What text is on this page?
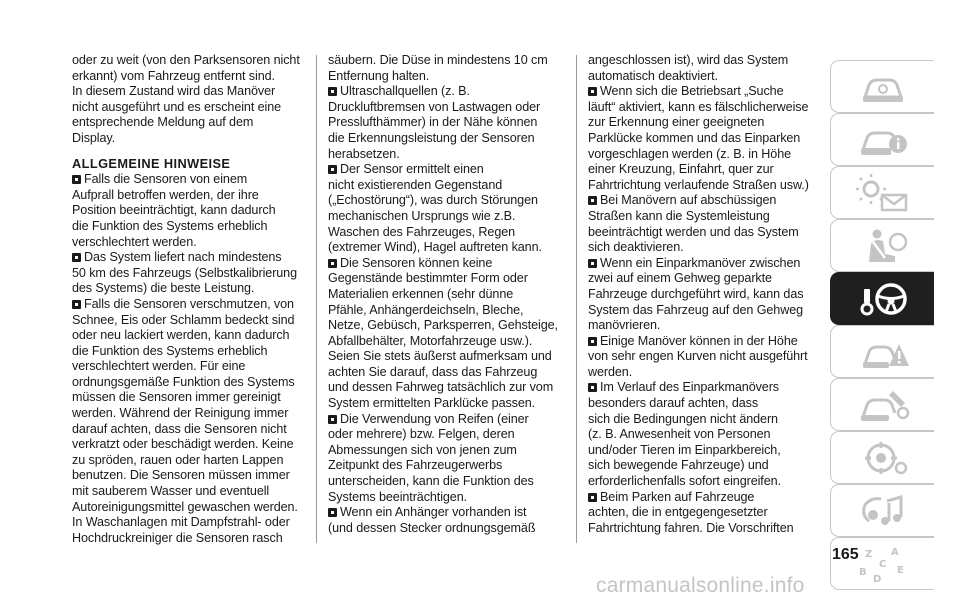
oder zu weit (von den Parksensoren nicht
erkannt) vom Fahrzeug entfernt sind.
In diesem Zustand wird das Manöver
nicht ausgeführt und es erscheint eine
entsprechende Meldung auf dem
Display.

ALLGEMEINE HINWEISE

Falls die Sensoren von einem
Aufprall betroffen werden, der ihre
Position beeinträchtigt, kann dadurch
die Funktion des Systems erheblich
verschlechtert werden.
Das System liefert nach mindestens
50 km des Fahrzeugs (Selbstkalibrierung
des Systems) die beste Leistung.
Falls die Sensoren verschmutzen, von
Schnee, Eis oder Schlamm bedeckt sind
oder neu lackiert werden, kann dadurch
die Funktion des Systems erheblich
verschlechtert werden. Für eine
ordnungsgemäße Funktion des Systems
müssen die Sensoren immer gereinigt
werden. Während der Reinigung immer
darauf achten, dass die Sensoren nicht
verkratzt oder beschädigt werden. Keine
zu spröden, rauen oder harten Lappen
benutzen. Die Sensoren müssen immer
mit sauberem Wasser und eventuell
Autoreinigungsmittel gewaschen werden.
In Waschanlagen mit Dampfstrahl- oder
Hochdruckreiniger die Sensoren rasch
säubern. Die Düse in mindestens 10 cm
Entfernung halten.
Ultraschallquellen (z. B.
Druckluftbremsen von Lastwagen oder
Presslufthämmer) in der Nähe können
die Erkennungsleistung der Sensoren
herabsetzen.
Der Sensor ermittelt einen
nicht existierenden Gegenstand
(„Echostörung“), was durch Störungen
mechanischen Ursprungs wie z.B.
Waschen des Fahrzeuges, Regen
(extremer Wind), Hagel auftreten kann.
Die Sensoren können keine
Gegenstände bestimmter Form oder
Materialien erkennen (sehr dünne
Pfähle, Anhängerdeichseln, Bleche,
Netze, Gebüsch, Parksperren, Gehsteige,
Abfallbehälter, Motorfahrzeuge usw.).
Seien Sie stets äußerst aufmerksam und
achten Sie darauf, dass das Fahrzeug
und dessen Fahrweg tatsächlich zur vom
System ermittelten Parklücke passen.
Die Verwendung von Reifen (einer
oder mehrere) bzw. Felgen, deren
Abmessungen sich von jenen zum
Zeitpunkt des Fahrzeugerwerbs
unterscheiden, kann die Funktion des
Systems beeinträchtigen.
Wenn ein Anhänger vorhanden ist
(und dessen Stecker ordnungsgemäß
angeschlossen ist), wird das System
automatisch deaktiviert.
Wenn sich die Betriebsart „Suche
läuft“ aktiviert, kann es fälschlicherweise
zur Erkennung einer geeigneten
Parklücke kommen und das Einparken
vorgeschlagen werden (z. B. in Höhe
einer Kreuzung, Einfahrt, quer zur
Fahrtrichtung verlaufende Straßen usw.)
Bei Manövern auf abschüssigen
Straßen kann die Systemleistung
beeinträchtigt werden und das System
sich deaktivieren.
Wenn ein Einparkmanöver zwischen
zwei auf einem Gehweg geparkte
Fahrzeuge durchgeführt wird, kann das
System das Fahrzeug auf den Gehweg
manövrieren.
Einige Manöver können in der Höhe
von sehr engen Kurven nicht ausgeführt
werden.
Im Verlauf des Einparkmanövers
besonders darauf achten, dass
sich die Bedingungen nicht ändern
(z. B. Anwesenheit von Personen
und/oder Tieren im Einparkbereich,
sich bewegende Fahrzeuge) und
erforderlichenfalls sofort eingreifen.
Beim Parken auf Fahrzeuge
achten, die in entgegengesetzter
Fahrtrichtung fahren. Die Vorschriften
Z A
B
C
E
D
165
carmanualsonline.info
